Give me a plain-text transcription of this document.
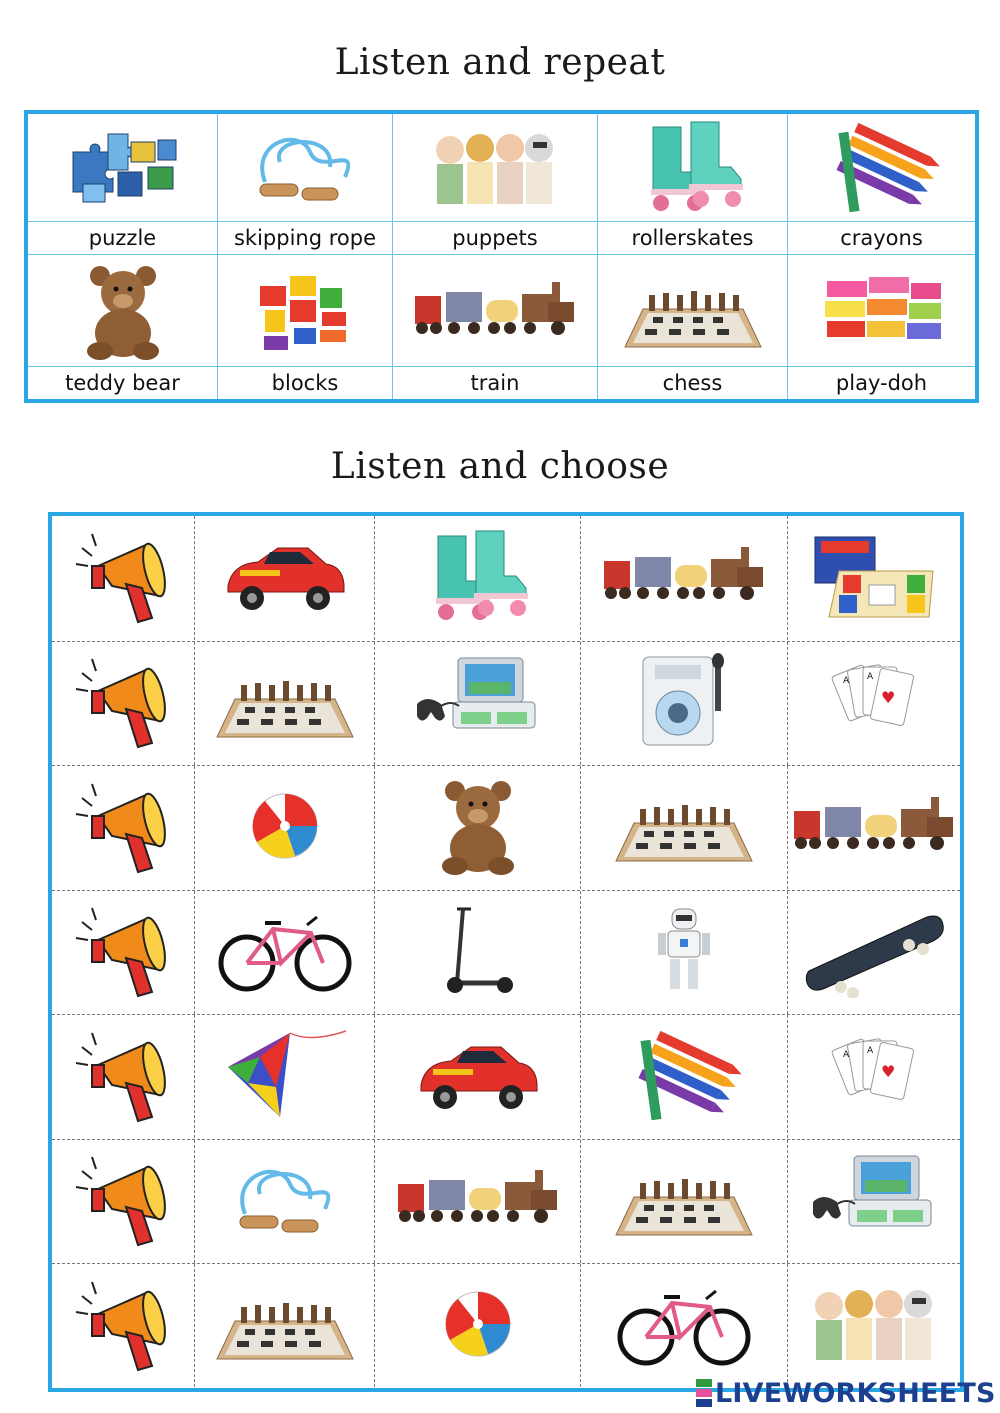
Listen and repeat
puzzle	skipping rope	puppets	rollerskates	crayons
teddy bear	blocks	train	chess	play-doh
Listen and choose
♥
A A
♥
A A
LIVEWORKSHEETS
